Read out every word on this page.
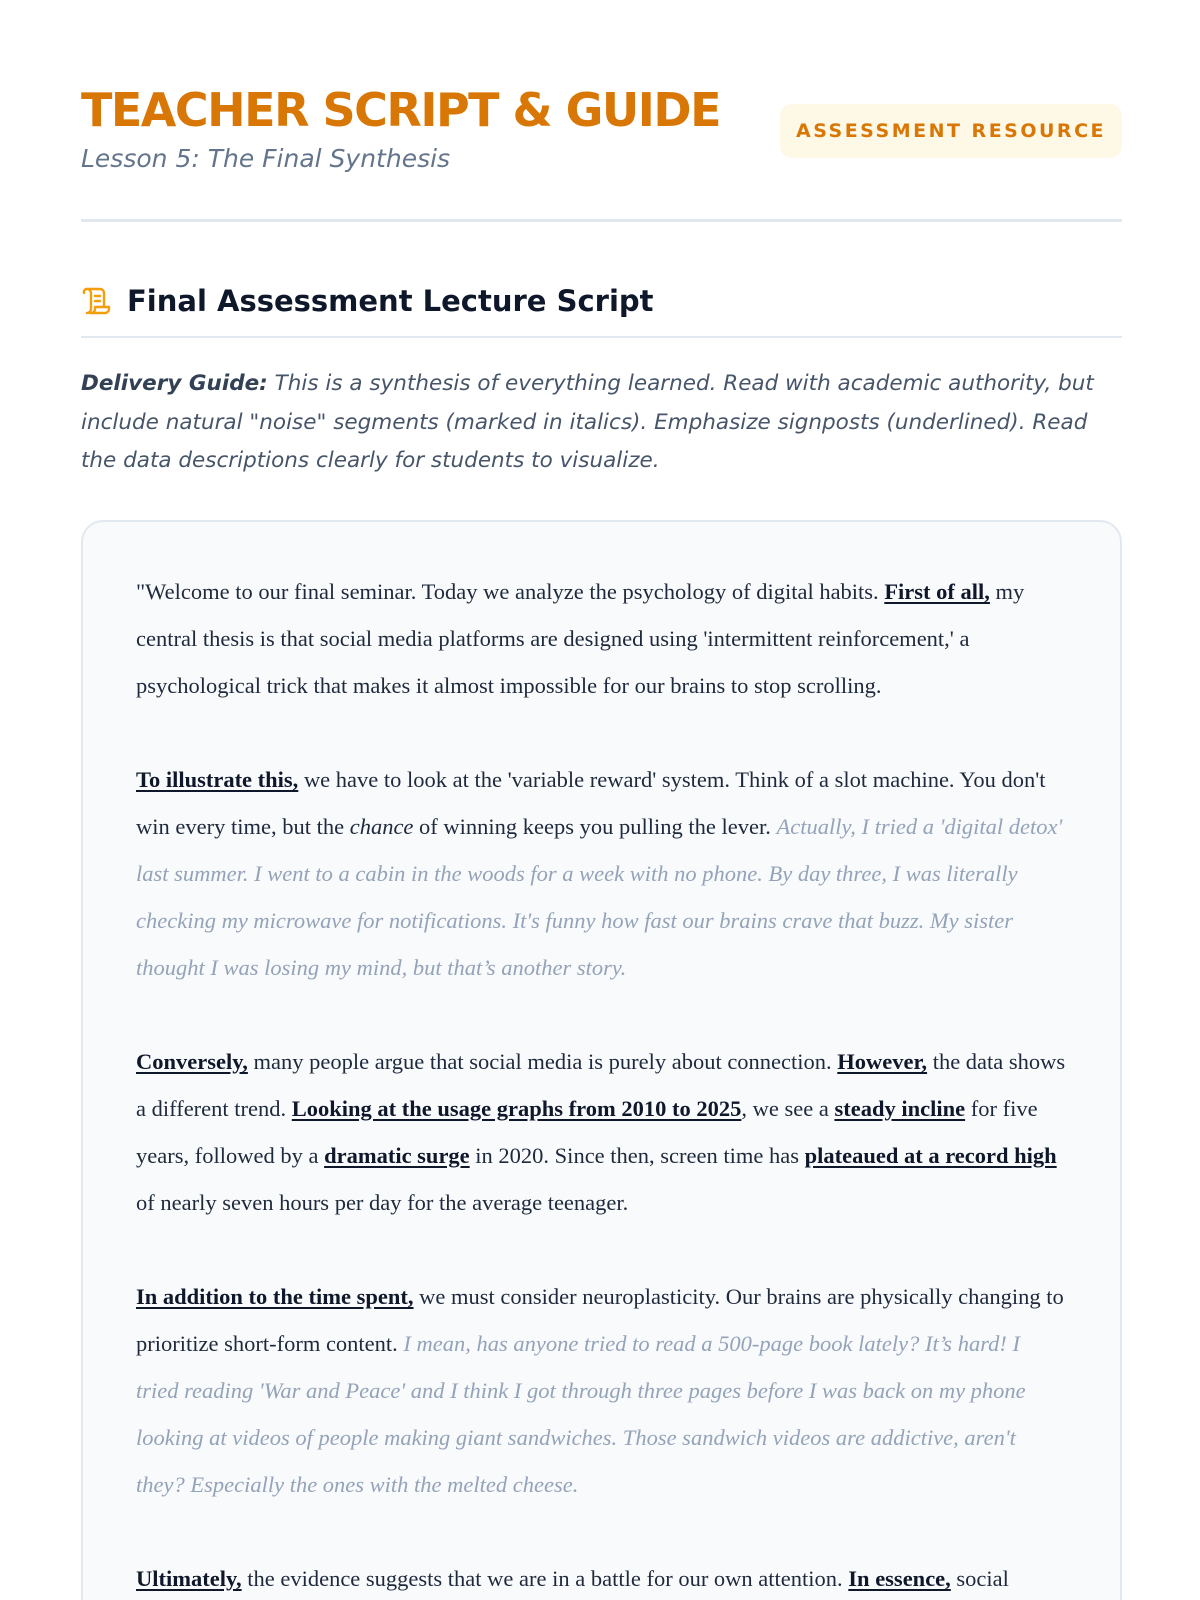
TEACHER SCRIPT & GUIDE

Lesson 5: The Final Synthesis

ASSESSMENT RESOURCE
Final Assessment Lecture Script

Delivery Guide: This is a synthesis of everything learned. Read with academic authority, but include natural "noise" segments (marked in italics). Emphasize signposts (underlined). Read the data descriptions clearly for students to visualize.

"Welcome to our final seminar. Today we analyze the psychology of digital habits. First of all, my central thesis is that social media platforms are designed using 'intermittent reinforcement,' a psychological trick that makes it almost impossible for our brains to stop scrolling.

To illustrate this, we have to look at the 'variable reward' system. Think of a slot machine. You don't win every time, but the chance of winning keeps you pulling the lever. Actually, I tried a 'digital detox' last summer. I went to a cabin in the woods for a week with no phone. By day three, I was literally checking my microwave for notifications. It's funny how fast our brains crave that buzz. My sister thought I was losing my mind, but that’s another story.

Conversely, many people argue that social media is purely about connection. However, the data shows a different trend. Looking at the usage graphs from 2010 to 2025, we see a steady incline for five years, followed by a dramatic surge in 2020. Since then, screen time has plateaued at a record high of nearly seven hours per day for the average teenager.

In addition to the time spent, we must consider neuroplasticity. Our brains are physically changing to prioritize short-form content. I mean, has anyone tried to read a 500-page book lately? It’s hard! I tried reading 'War and Peace' and I think I got through three pages before I was back on my phone looking at videos of people making giant sandwiches. Those sandwich videos are addictive, aren't they? Especially the ones with the melted cheese.

Ultimately, the evidence suggests that we are in a battle for our own attention. In essence, social
